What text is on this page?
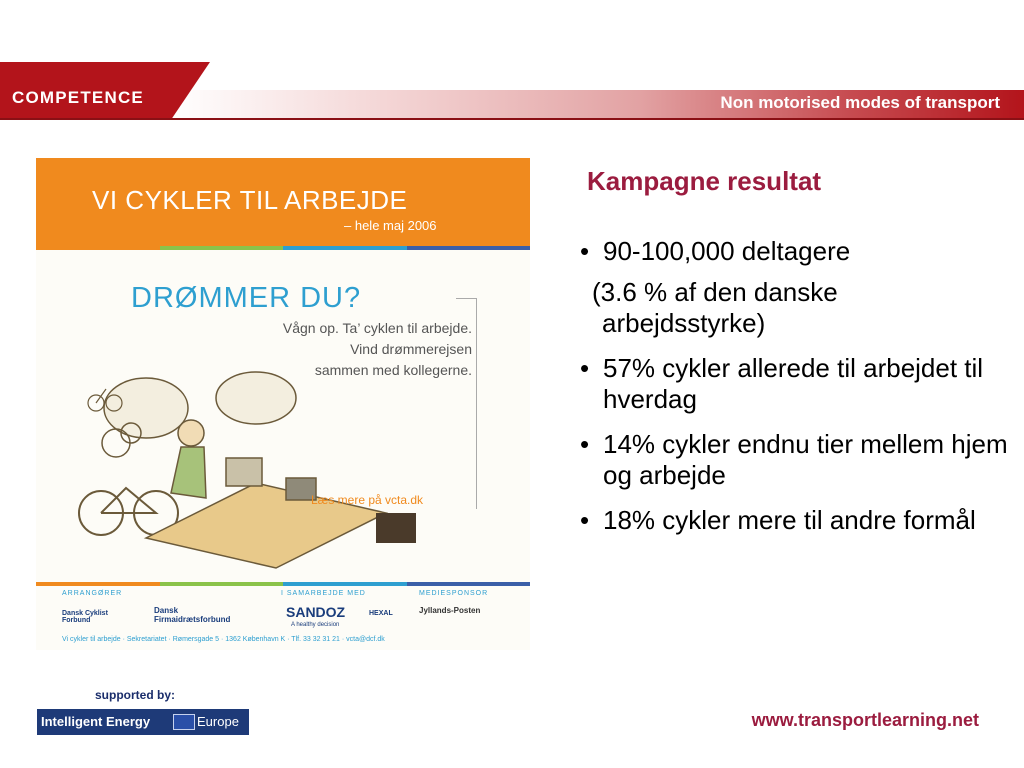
COMPETENCE	Non motorised modes of transport
VI CYKLER TIL ARBEJDE
– hele maj 2006
DRØMMER DU?
Vågn op. Ta’ cyklen til arbejde.
Vind drømmerejsen
sammen med kollegerne.
Læs mere på vcta.dk
ARRANGØRER	I SAMARBEJDE MED	MEDIESPONSOR
Dansk Cyklist Forbund
Dansk Firmaidrætsforbund	SANDOZ
A healthy decision
HEXAL	Jyllands-Posten
Vi cykler til arbejde · Sekretariatet · Rømersgade 5 · 1362 København K · Tlf. 33 32 31 21 · vcta@dcf.dk
Kampagne resultat
• 90-100,000 deltagere
(3.6 % af den danske
arbejdsstyrke)
• 57% cykler allerede til arbejdet til hverdag
• 14% cykler endnu tier mellem hjem og arbejde
• 18% cykler mere til andre formål
supported by:
Intelligent Energy	Europe	www.transportlearning.net
